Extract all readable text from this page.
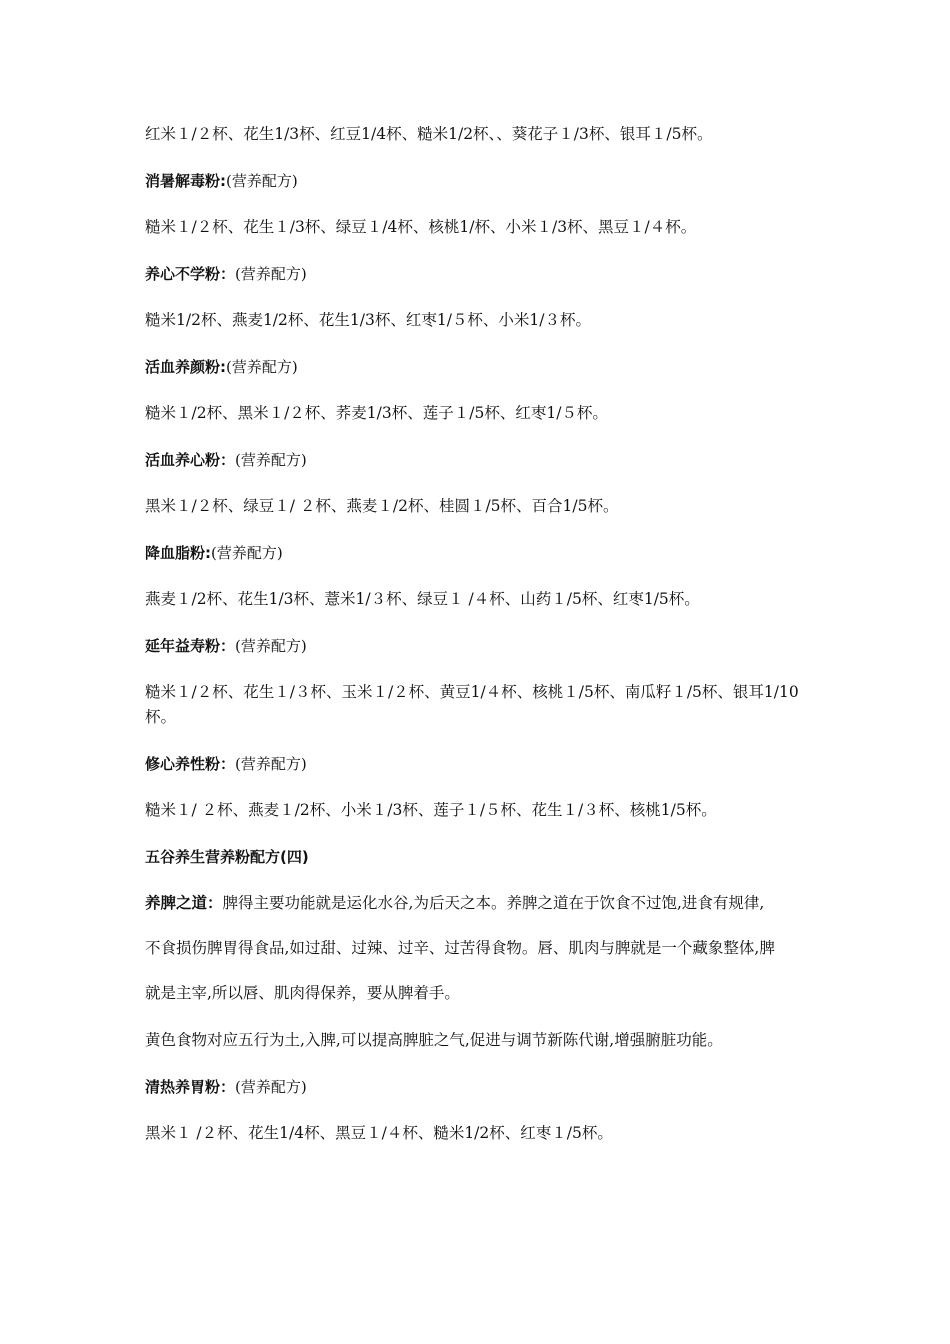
红米１/２杯、花生1/3杯、红豆1/4杯、糙米1/2杯、、葵花子１/3杯、银耳１/5杯。

消暑解毒粉:(营养配方)

糙米１/２杯、花生１/3杯、绿豆１/4杯、核桃1/杯、小米１/3杯、黑豆１/４杯。

养心不学粉：(营养配方)

糙米1/2杯、燕麦1/2杯、花生1/3杯、红枣1/５杯、小米1/３杯。

活血养颜粉:(营养配方)

糙米１/2杯、黑米１/２杯、荞麦1/3杯、莲子１/5杯、红枣1/５杯。

活血养心粉：(营养配方)

黑米１/２杯、绿豆１/ ２杯、燕麦１/2杯、桂圆１/5杯、百合1/5杯。

降血脂粉:(营养配方)

燕麦１/2杯、花生1/3杯、薏米1/３杯、绿豆１ /４杯、山药１/5杯、红枣1/5杯。

延年益寿粉：(营养配方)

糙米１/２杯、花生１/３杯、玉米１/２杯、黄豆1/４杯、核桃１/5杯、南瓜籽１/5杯、银耳1/10杯。

修心养性粉：(营养配方)

糙米１/ ２杯、燕麦１/2杯、小米１/3杯、莲子１/５杯、花生１/３杯、核桃1/5杯。

五谷养生营养粉配方(四)

养脾之道：脾得主要功能就是运化水谷,为后天之本。养脾之道在于饮食不过饱,进食有规律,

不食损伤脾胃得食品,如过甜、过辣、过辛、过苦得食物。唇、肌肉与脾就是一个藏象整体,脾

就是主宰,所以唇、肌肉得保养，要从脾着手。

黄色食物对应五行为土,入脾,可以提高脾脏之气,促进与调节新陈代谢,增强腑脏功能。

清热养胃粉：(营养配方)

黑米１ /２杯、花生1/4杯、黑豆１/４杯、糙米1/2杯、红枣１/5杯。
